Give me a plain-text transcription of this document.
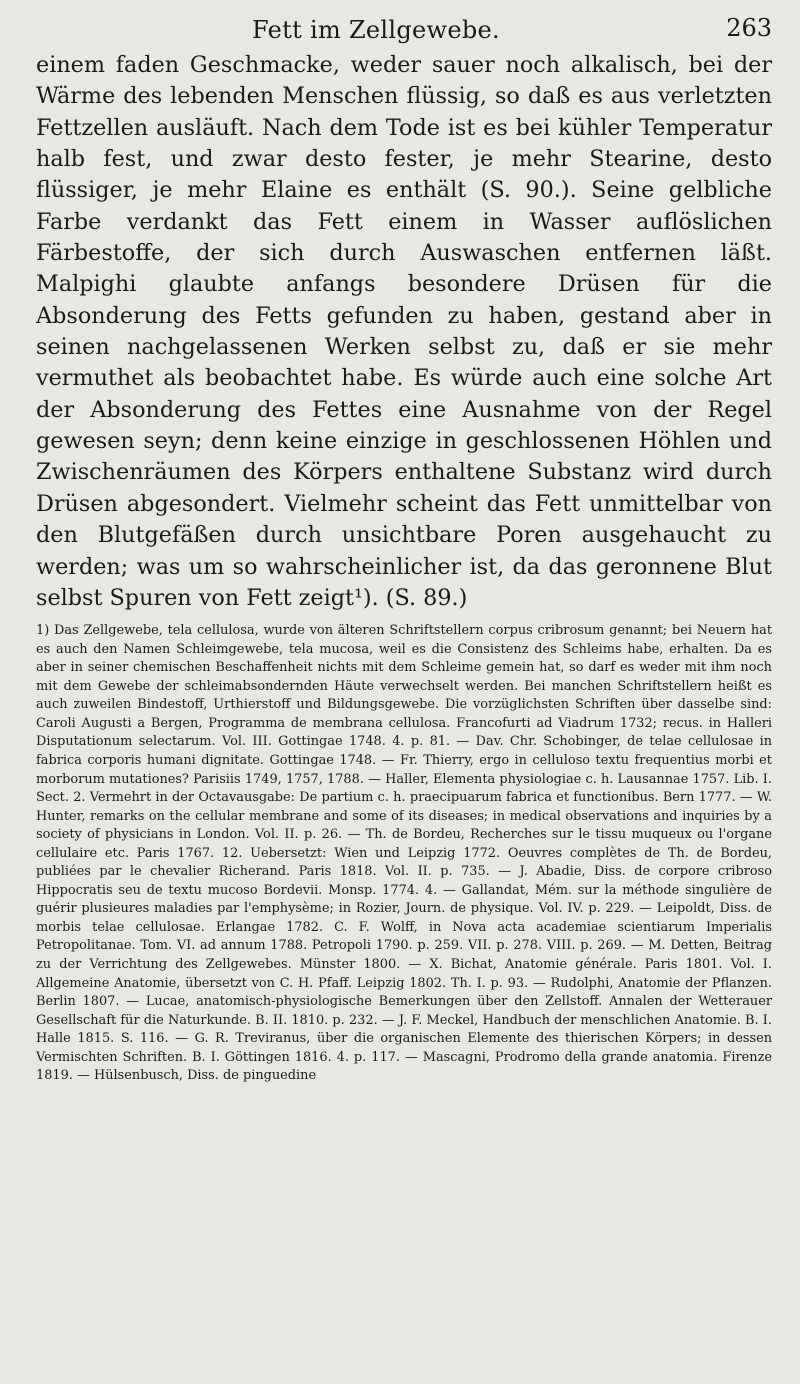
Fett im Zellgewebe.	263

einem faden Geschmacke, weder sauer noch alkalisch, bei der Wärme des lebenden Menschen flüssig, so daß es aus verletzten Fettzellen ausläuft. Nach dem Tode ist es bei kühler Temperatur halb fest, und zwar desto fester, je mehr Stearine, desto flüssiger, je mehr Elaine es enthält (S. 90.). Seine gelbliche Farbe verdankt das Fett einem in Wasser auflöslichen Färbestoffe, der sich durch Auswaschen entfernen läßt. Malpighi glaubte anfangs besondere Drüsen für die Absonderung des Fetts gefunden zu haben, gestand aber in seinen nachgelassenen Werken selbst zu, daß er sie mehr vermuthet als beobachtet habe. Es würde auch eine solche Art der Absonderung des Fettes eine Ausnahme von der Regel gewesen seyn; denn keine einzige in geschlossenen Höhlen und Zwischenräumen des Körpers enthaltene Substanz wird durch Drüsen abgesondert. Vielmehr scheint das Fett unmittelbar von den Blutgefäßen durch unsichtbare Poren ausgehaucht zu werden; was um so wahrscheinlicher ist, da das geronnene Blut selbst Spuren von Fett zeigt¹). (S. 89.)

1) Das Zellgewebe, tela cellulosa, wurde von älteren Schriftstellern corpus cribrosum genannt; bei Neuern hat es auch den Namen Schleimgewebe, tela mucosa, weil es die Consistenz des Schleims habe, erhalten. Da es aber in seiner chemischen Beschaffenheit nichts mit dem Schleime gemein hat, so darf es weder mit ihm noch mit dem Gewebe der schleimabsondernden Häute verwechselt werden. Bei manchen Schriftstellern heißt es auch zuweilen Bindestoff, Urthierstoff und Bildungsgewebe. Die vorzüglichsten Schriften über dasselbe sind: Caroli Augusti a Bergen, Programma de membrana cellulosa. Francofurti ad Viadrum 1732; recus. in Halleri Disputationum selectarum. Vol. III. Gottingae 1748. 4. p. 81. — Dav. Chr. Schobinger, de telae cellulosae in fabrica corporis humani dignitate. Gottingae 1748. — Fr. Thierry, ergo in celluloso textu frequentius morbi et morborum mutationes? Parisiis 1749, 1757, 1788. — Haller, Elementa physiologiae c. h. Lausannae 1757. Lib. I. Sect. 2. Vermehrt in der Octavausgabe: De partium c. h. praecipuarum fabrica et functionibus. Bern 1777. — W. Hunter, remarks on the cellular membrane and some of its diseases; in medical observations and inquiries by a society of physicians in London. Vol. II. p. 26. — Th. de Bordeu, Recherches sur le tissu muqueux ou l'organe cellulaire etc. Paris 1767. 12. Uebersetzt: Wien und Leipzig 1772. Oeuvres complètes de Th. de Bordeu, publiées par le chevalier Richerand. Paris 1818. Vol. II. p. 735. — J. Abadie, Diss. de corpore cribroso Hippocratis seu de textu mucoso Bordevii. Monsp. 1774. 4. — Gallandat, Mém. sur la méthode singulière de guérir plusieures maladies par l'emphysème; in Rozier, Journ. de physique. Vol. IV. p. 229. — Leipoldt, Diss. de morbis telae cellulosae. Erlangae 1782. C. F. Wolff, in Nova acta academiae scientiarum Imperialis Petropolitanae. Tom. VI. ad annum 1788. Petropoli 1790. p. 259. VII. p. 278. VIII. p. 269. — M. Detten, Beitrag zu der Verrichtung des Zellgewebes. Münster 1800. — X. Bichat, Anatomie générale. Paris 1801. Vol. I. Allgemeine Anatomie, übersetzt von C. H. Pfaff. Leipzig 1802. Th. I. p. 93. — Rudolphi, Anatomie der Pflanzen. Berlin 1807. — Lucae, anatomisch-physiologische Bemerkungen über den Zellstoff. Annalen der Wetterauer Gesellschaft für die Naturkunde. B. II. 1810. p. 232. — J. F. Meckel, Handbuch der menschlichen Anatomie. B. I. Halle 1815. S. 116. — G. R. Treviranus, über die organischen Elemente des thierischen Körpers; in dessen Vermischten Schriften. B. I. Göttingen 1816. 4. p. 117. — Mascagni, Prodromo della grande anatomia. Firenze 1819. — Hülsenbusch, Diss. de pinguedine
